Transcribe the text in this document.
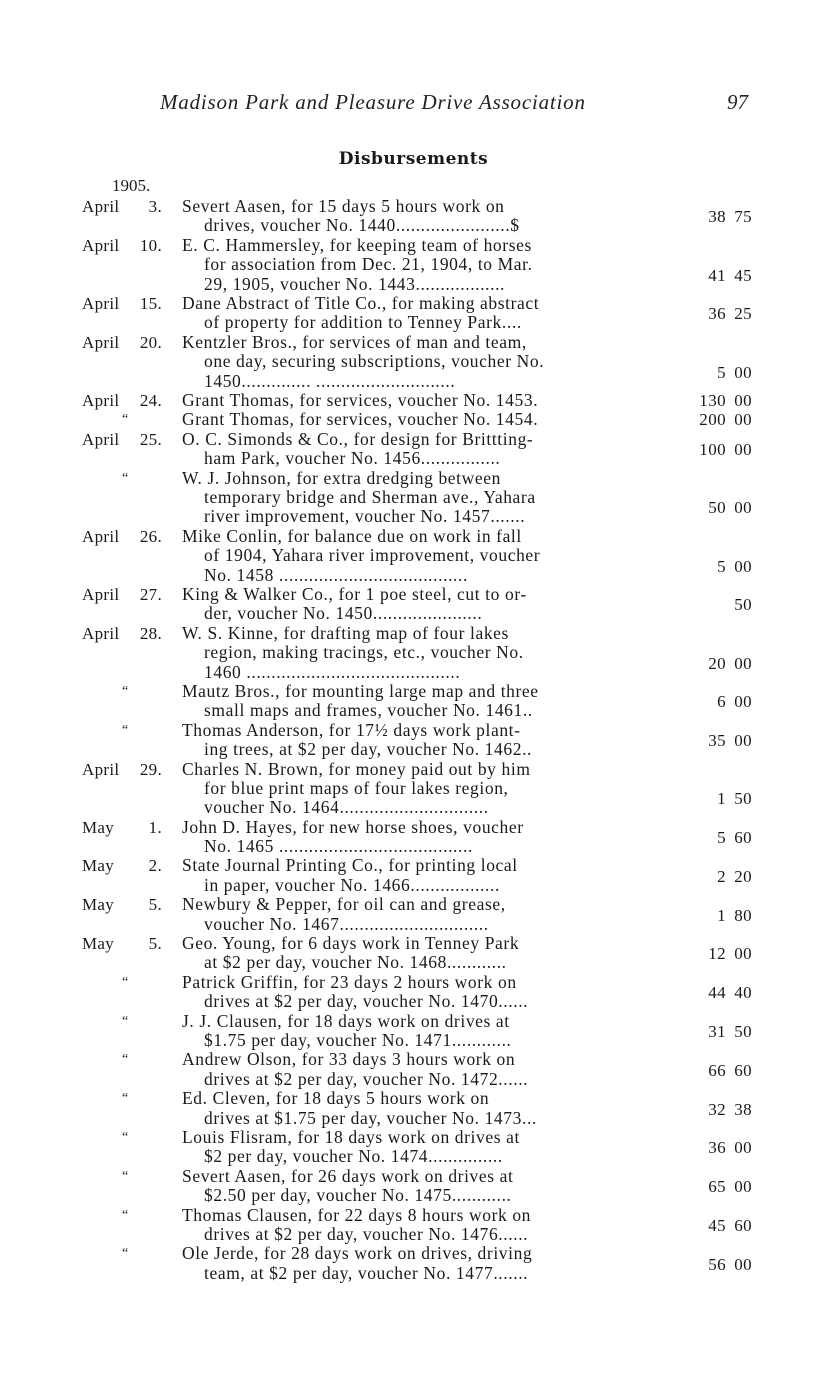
Madison Park and Pleasure Drive Association	97
Disbursements
1905.
April 3. Severt Aasen, for 15 days 5 hours work on
drives, voucher No. 1440.......................$	38 75
April 10. E. C. Hammersley, for keeping team of horses
for association from Dec. 21, 1904, to Mar.
29, 1905, voucher No. 1443..................	41 45
April 15. Dane Abstract of Title Co., for making abstract
of property for addition to Tenney Park....	36 25
April 20. Kentzler Bros., for services of man and team,
one day, securing subscriptions, voucher No.
1450.............. ............................	5 00
April 24. Grant Thomas, for services, voucher No. 1453.	130 00
“	Grant Thomas, for services, voucher No. 1454.	200 00
April 25. O. C. Simonds & Co., for design for Brittting-
ham Park, voucher No. 1456................	100 00
“	W. J. Johnson, for extra dredging between
temporary bridge and Sherman ave., Yahara
river improvement, voucher No. 1457.......	50 00
April 26. Mike Conlin, for balance due on work in fall
of 1904, Yahara river improvement, voucher
No. 1458 ......................................	5 00
April 27. King & Walker Co., for 1 poe steel, cut to or-
der, voucher No. 1450......................	50
April 28. W. S. Kinne, for drafting map of four lakes
region, making tracings, etc., voucher No.
1460 ...........................................	20 00
“	Mautz Bros., for mounting large map and three
small maps and frames, voucher No. 1461..	6 00
“	Thomas Anderson, for 17½ days work plant-
ing trees, at $2 per day, voucher No. 1462..	35 00
April 29. Charles N. Brown, for money paid out by him
for blue print maps of four lakes region,
voucher No. 1464..............................	1 50
May 1. John D. Hayes, for new horse shoes, voucher
No. 1465 .......................................	5 60
May 2. State Journal Printing Co., for printing local
in paper, voucher No. 1466..................	2 20
May 5. Newbury & Pepper, for oil can and grease,
voucher No. 1467..............................	1 80
May 5. Geo. Young, for 6 days work in Tenney Park
at $2 per day, voucher No. 1468............	12 00
“	Patrick Griffin, for 23 days 2 hours work on
drives at $2 per day, voucher No. 1470......	44 40
“	J. J. Clausen, for 18 days work on drives at
$1.75 per day, voucher No. 1471............	31 50
“	Andrew Olson, for 33 days 3 hours work on
drives at $2 per day, voucher No. 1472......	66 60
“	Ed. Cleven, for 18 days 5 hours work on
drives at $1.75 per day, voucher No. 1473...	32 38
“	Louis Flisram, for 18 days work on drives at
$2 per day, voucher No. 1474...............	36 00
“	Severt Aasen, for 26 days work on drives at
$2.50 per day, voucher No. 1475............	65 00
“	Thomas Clausen, for 22 days 8 hours work on
drives at $2 per day, voucher No. 1476......	45 60
“	Ole Jerde, for 28 days work on drives, driving
team, at $2 per day, voucher No. 1477.......	56 00
